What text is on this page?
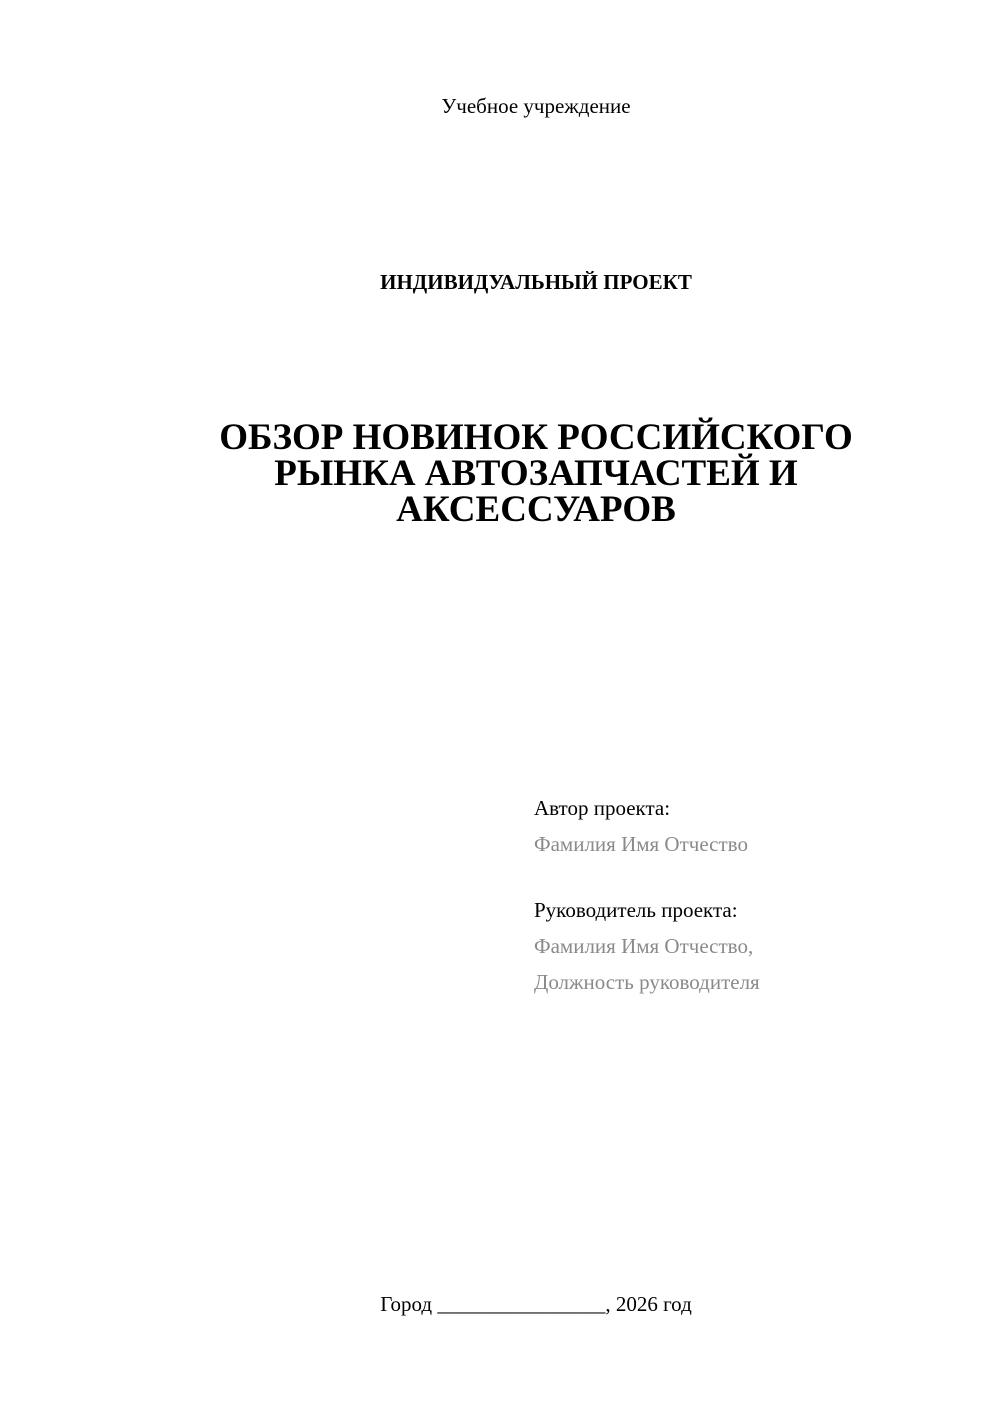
Учебное учреждение
ИНДИВИДУАЛЬНЫЙ ПРОЕКТ
ОБЗОР НОВИНОК РОССИЙСКОГО
РЫНКА АВТОЗАПЧАСТЕЙ И
АКСЕССУАРОВ
Автор проекта:
Фамилия Имя Отчество
Руководитель проекта:
Фамилия Имя Отчество,
Должность руководителя
Город ________________, 2026 год
